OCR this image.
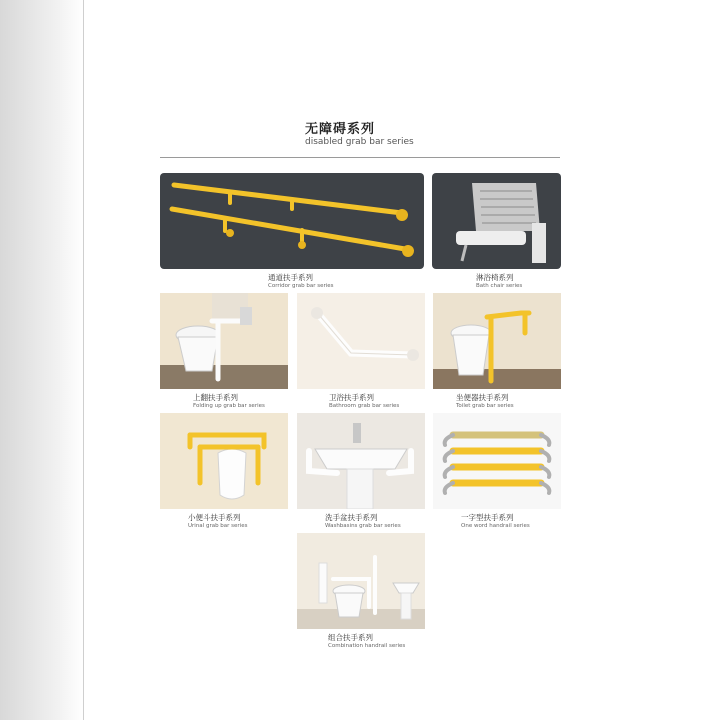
无障碍系列

disabled grab bar series

通道扶手系列
Corridor grab bar series
淋浴椅系列
Bath chair series
上翻扶手系列
Folding up grab bar series
卫浴扶手系列
Bathroom grab bar series
坐便器扶手系列
Toilet grab bar series
小便斗扶手系列
Urinal grab bar series
洗手盆扶手系列
Washbasins grab bar series
一字型扶手系列
One word handrail series
组合扶手系列
Combination handrail series
